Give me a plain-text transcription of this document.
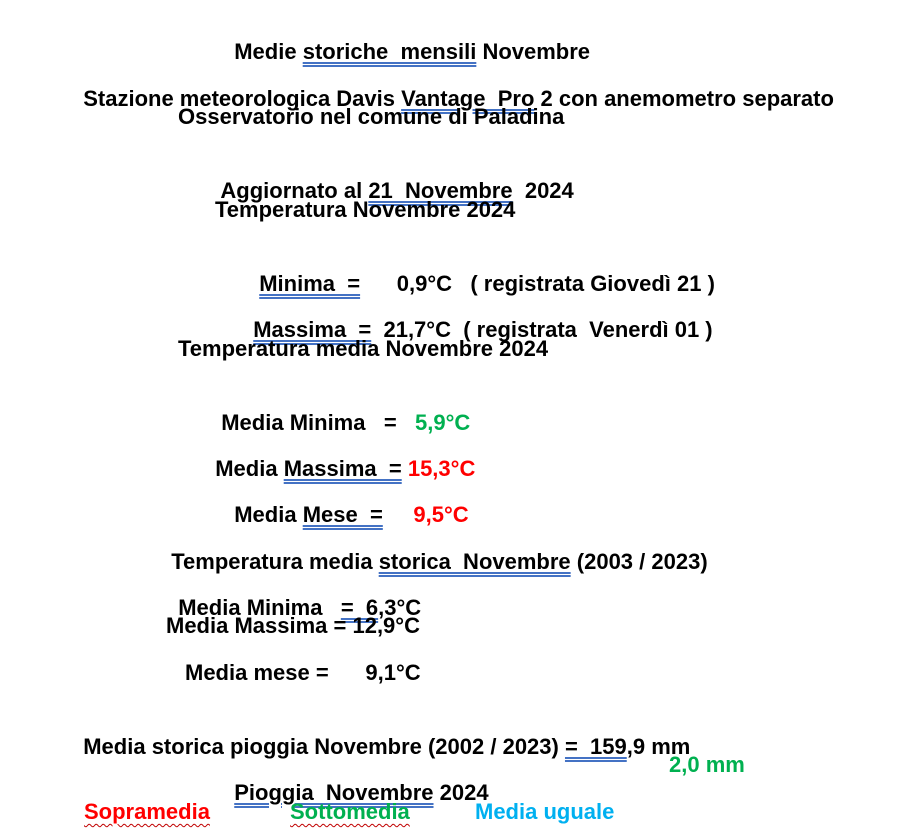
Medie storiche  mensili Novembre

Stazione meteorologica Davis Vantage  Pro 2 con anemometro separato

Osservatorio nel comune di Paladina

Aggiornato al 21  Novembre  2024

Temperatura Novembre 2024

Minima  =      0,9°C   ( registrata Giovedì 21 )

Massima  =  21,7°C  ( registrata  Venerdì 01 )

Temperatura media Novembre 2024

Media Minima   =   5,9°C

Media Massima  = 15,3°C

Media Mese  =     9,5°C

Temperatura media storica  Novembre (2003 / 2023)

Media Minima   =  6,3°C

Media Massima = 12,9°C
Media mese =      9,1°C

Media storica pioggia Novembre (2002 / 2023) =  159,9 mm

Pioggia  Novembre 2024

2,0 mm
Sopramedia	Sottomedia	Media uguale
